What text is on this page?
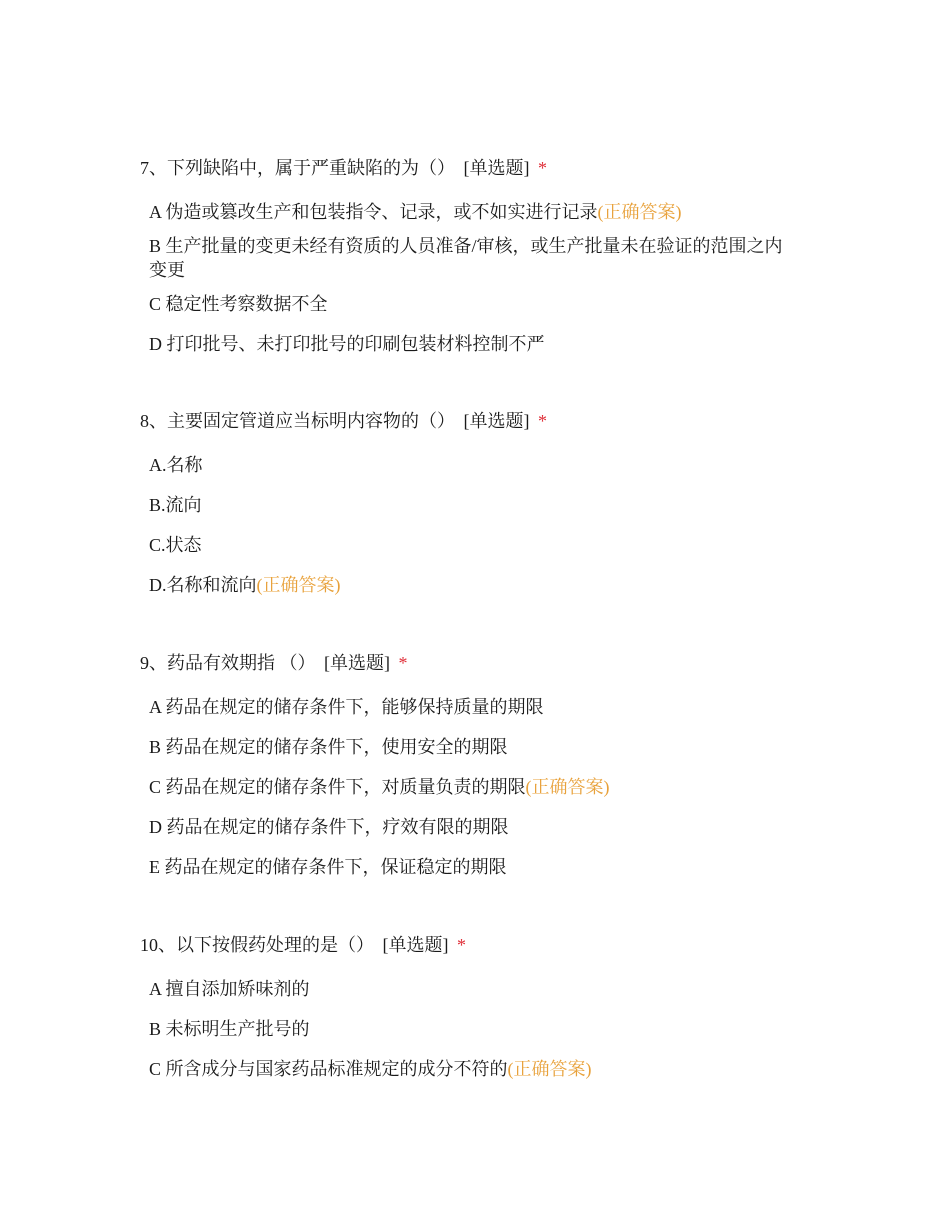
7、下列缺陷中，属于严重缺陷的为（） [单选题] *
A 伪造或篡改生产和包装指令、记录，或不如实进行记录(正确答案)
B 生产批量的变更未经有资质的人员准备/审核，或生产批量未在验证的范围之内变更
C 稳定性考察数据不全
D 打印批号、未打印批号的印刷包装材料控制不严
8、主要固定管道应当标明内容物的（） [单选题] *
A.名称
B.流向
C.状态
D.名称和流向(正确答案)
9、药品有效期指 （） [单选题] *
A 药品在规定的储存条件下，能够保持质量的期限
B 药品在规定的储存条件下，使用安全的期限
C 药品在规定的储存条件下，对质量负责的期限(正确答案)
D 药品在规定的储存条件下，疗效有限的期限
E 药品在规定的储存条件下，保证稳定的期限
10、以下按假药处理的是（） [单选题] *
A 擅自添加矫味剂的
B 未标明生产批号的
C 所含成分与国家药品标准规定的成分不符的(正确答案)
